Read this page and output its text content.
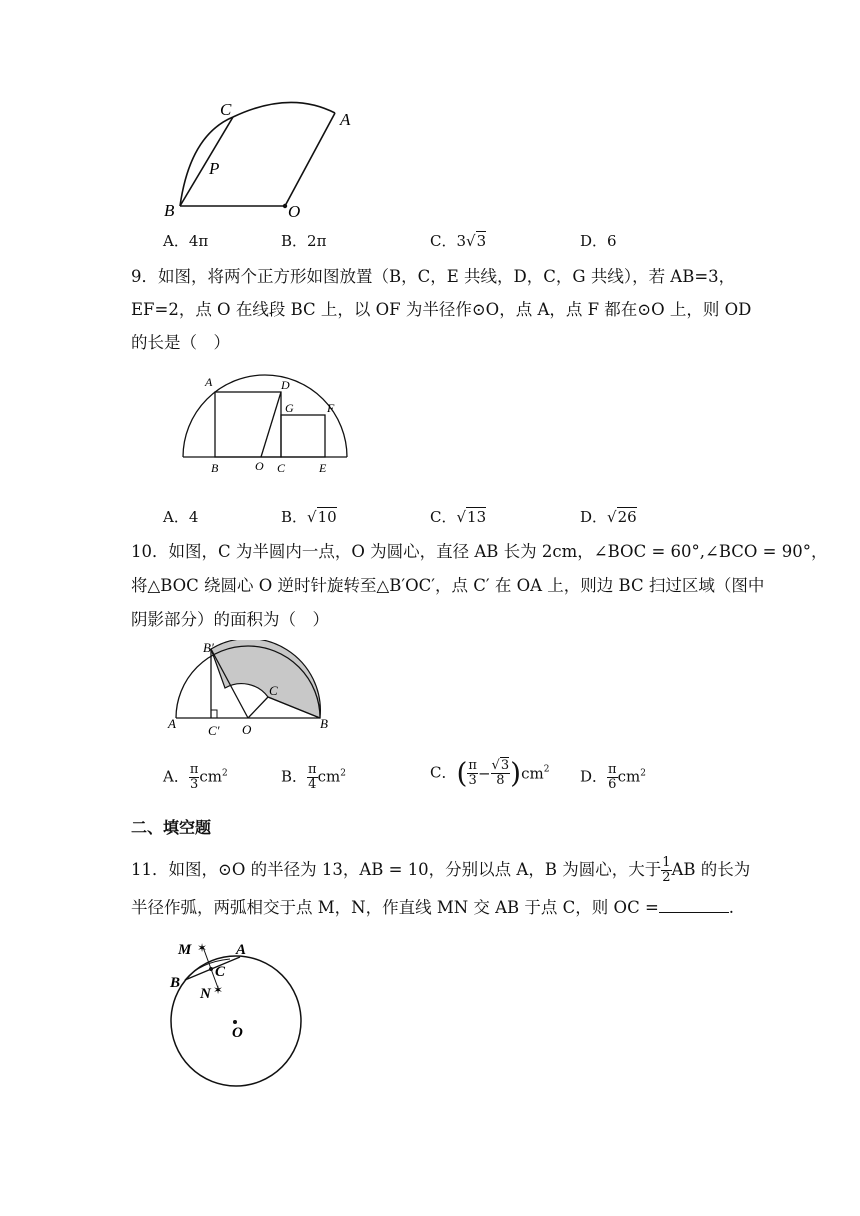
C
A
P
B	O
A．4π	B．2π	C．3√3	D．6
9．如图，将两个正方形如图放置（B，C，E 共线，D，C，G 共线），若 AB=3，
EF=2，点 O 在线段 BC 上，以 OF 为半径作⊙O，点 A，点 F 都在⊙O 上，则 OD
的长是（　）
A	D
G	F
B	O C	E
A．4	B．√10	C．√13	D．√26
10．如图，C 为半圆内一点，O 为圆心，直径 AB 长为 2cm，∠BOC = 60°,∠BCO = 90°，
将△BOC 绕圆心 O 逆时针旋转至△B′OC′，点 C′ 在 OA 上，则边 BC 扫过区域（图中
阴影部分）的面积为（　）
B′
C
A C′ O	B
A． $\frac{\pi}{3} cm^2$	B． $\frac{\pi}{4} cm^2$	C．( $\frac{\pi}{3} - \frac{√3}{8} )cm^2$ D． $\frac{\pi}{6} cm^2$
二、填空题
11．如图，⊙O 的半径为 13，AB = 10，分别以点 A，B 为圆心，大于 $\frac{1}{2}$ AB 的长为
半径作弧，两弧相交于点 M，N，作直线 MN 交 AB 于点 C，则 OC =	.
✶
✶
M	A
C
B
N
O
